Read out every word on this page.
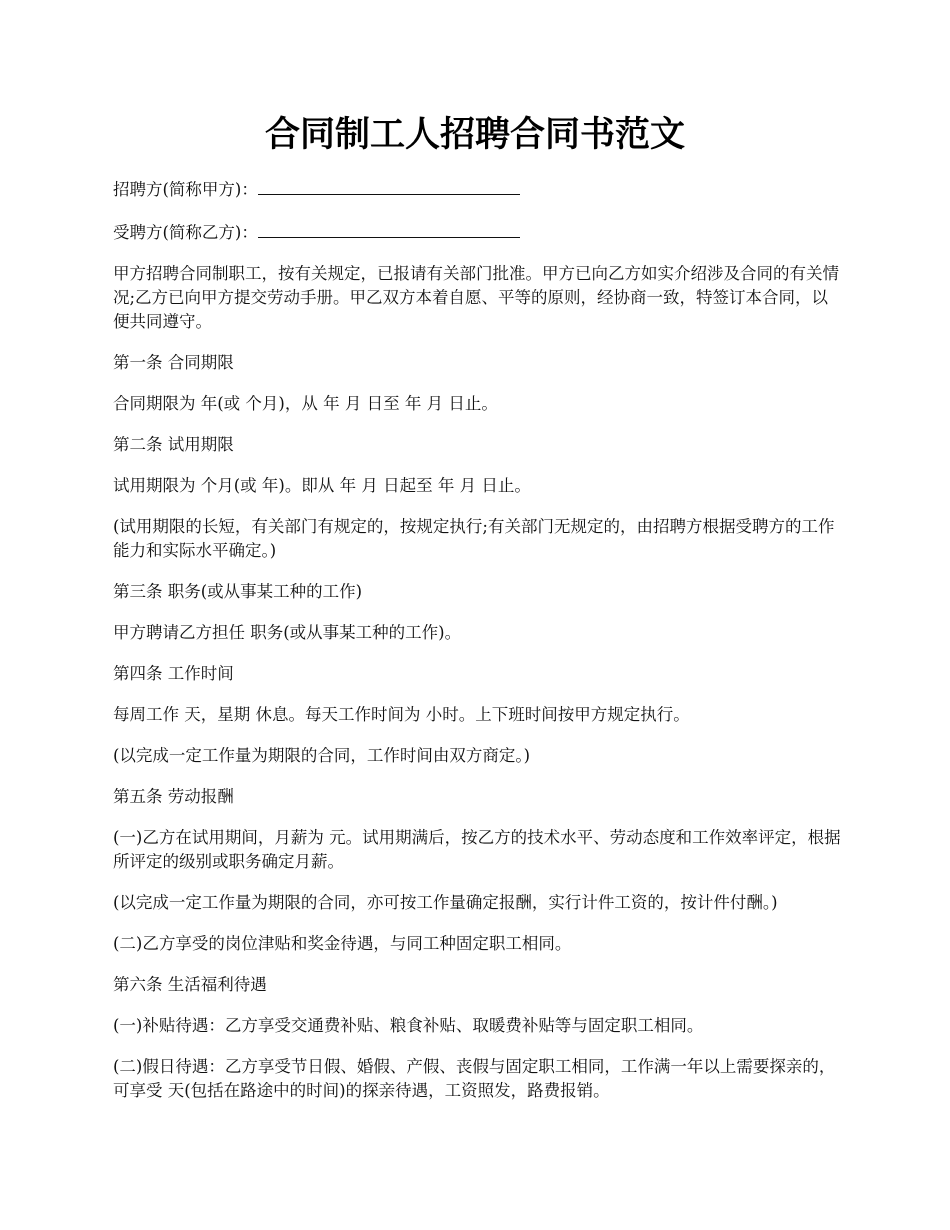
合同制工人招聘合同书范文
招聘方(简称甲方)：
受聘方(简称乙方)：

甲方招聘合同制职工，按有关规定，已报请有关部门批准。甲方已向乙方如实介绍涉及合同的有关情况;乙方已向甲方提交劳动手册。甲乙双方本着自愿、平等的原则，经协商一致，特签订本合同，以便共同遵守。

第一条 合同期限

合同期限为 年(或 个月)，从 年 月 日至 年 月 日止。

第二条 试用期限

试用期限为 个月(或 年)。即从 年 月 日起至 年 月 日止。

(试用期限的长短，有关部门有规定的，按规定执行;有关部门无规定的，由招聘方根据受聘方的工作能力和实际水平确定。)

第三条 职务(或从事某工种的工作)

甲方聘请乙方担任 职务(或从事某工种的工作)。

第四条 工作时间

每周工作 天，星期 休息。每天工作时间为 小时。上下班时间按甲方规定执行。

(以完成一定工作量为期限的合同，工作时间由双方商定。)

第五条 劳动报酬

(一)乙方在试用期间，月薪为 元。试用期满后，按乙方的技术水平、劳动态度和工作效率评定，根据所评定的级别或职务确定月薪。

(以完成一定工作量为期限的合同，亦可按工作量确定报酬，实行计件工资的，按计件付酬。)

(二)乙方享受的岗位津贴和奖金待遇，与同工种固定职工相同。

第六条 生活福利待遇

(一)补贴待遇：乙方享受交通费补贴、粮食补贴、取暖费补贴等与固定职工相同。

(二)假日待遇：乙方享受节日假、婚假、产假、丧假与固定职工相同，工作满一年以上需要探亲的，可享受 天(包括在路途中的时间)的探亲待遇，工资照发，路费报销。
